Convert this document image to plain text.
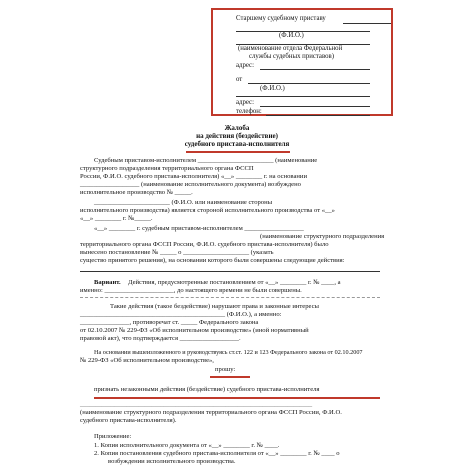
Старшему судебному приставу
(Ф.И.О.)
(наименование отдела Федеральной
службы судебных приставов)
адрес:
от
(Ф.И.О.)
адрес:
телефон:
Жалоба
на действия (бездействие)
судебного пристава-исполнителя
Судебным приставом-исполнителем _______________________ (наименование
структурного подразделения территориального органа ФССП
России, Ф.И.О. судебного пристава-исполнителя) «__» ________ г. на основании
__________________ (наименование исполнительного документа) возбуждено
исполнительное производство № _____.
_______________________ (Ф.И.О. или наименование стороны
исполнительного производства) является стороной исполнительного производства от «__»
«__» ________ г. №_____.
«__» ________ г. судебным приставом-исполнителем __________________
(наименование структурного подразделения
территориального органа ФССП России, Ф.И.О. судебного пристава-исполнителя) было
вынесено постановление № _____ о ____________________ (указать
существо принятого решения), на основании которого были совершены следующие действия:
Вариант. Действия, предусмотренные постановлением от «__» ________ г. № ____, а
именно: _____________________, до настоящего времени не были совершены.
Такие действия (такое бездействие) нарушают права и законные интересы
____________________________________________ (Ф.И.О.), а именно:
_______________, противоречат ст. _____ Федерального закона
от 02.10.2007 № 229-ФЗ «Об исполнительном производстве» (иной нормативный
правовой акт), что подтверждается __________________.
На основании вышеизложенного и руководствуясь ст.ст. 122 и 123 Федерального закона от 02.10.2007
№ 229-ФЗ «Об исполнительном производстве»,
прошу:
признать незаконными действия (бездействие) судебного пристава-исполнителя
___________________________________________________________________________
(наименование структурного подразделения территориального органа ФССП России, Ф.И.О.
судебного пристава-исполнителя).
Приложение:
1. Копия исполнительного документа от «__» ________ г. № ____.
2. Копия постановления судебного пристава-исполнителя от «__» ________ г. № ____ о
возбуждении исполнительного производства.
